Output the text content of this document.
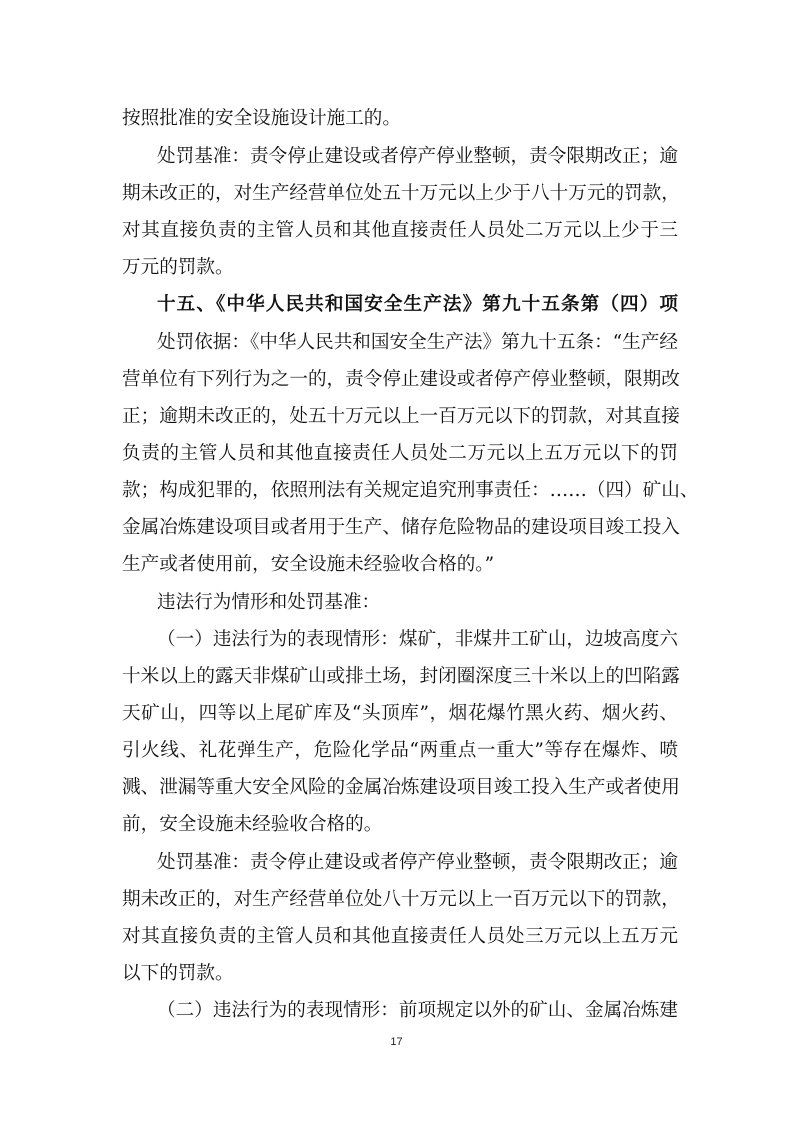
按照批准的安全设施设计施工的。
处罚基准：责令停止建设或者停产停业整顿，责令限期改正；逾
期未改正的，对生产经营单位处五十万元以上少于八十万元的罚款，
对其直接负责的主管人员和其他直接责任人员处二万元以上少于三
万元的罚款。
十五、《中华人民共和国安全生产法》第九十五条第（四）项
处罚依据：《中华人民共和国安全生产法》第九十五条：“生产经
营单位有下列行为之一的，责令停止建设或者停产停业整顿，限期改
正；逾期未改正的，处五十万元以上一百万元以下的罚款，对其直接
负责的主管人员和其他直接责任人员处二万元以上五万元以下的罚
款；构成犯罪的，依照刑法有关规定追究刑事责任：……（四）矿山、
金属冶炼建设项目或者用于生产、储存危险物品的建设项目竣工投入
生产或者使用前，安全设施未经验收合格的。”
违法行为情形和处罚基准：
（一）违法行为的表现情形：煤矿，非煤井工矿山，边坡高度六
十米以上的露天非煤矿山或排土场，封闭圈深度三十米以上的凹陷露
天矿山，四等以上尾矿库及“头顶库”，烟花爆竹黑火药、烟火药、
引火线、礼花弹生产，危险化学品“两重点一重大”等存在爆炸、喷
溅、泄漏等重大安全风险的金属冶炼建设项目竣工投入生产或者使用
前，安全设施未经验收合格的。
处罚基准：责令停止建设或者停产停业整顿，责令限期改正；逾
期未改正的，对生产经营单位处八十万元以上一百万元以下的罚款，
对其直接负责的主管人员和其他直接责任人员处三万元以上五万元
以下的罚款。
（二）违法行为的表现情形：前项规定以外的矿山、金属冶炼建
17
